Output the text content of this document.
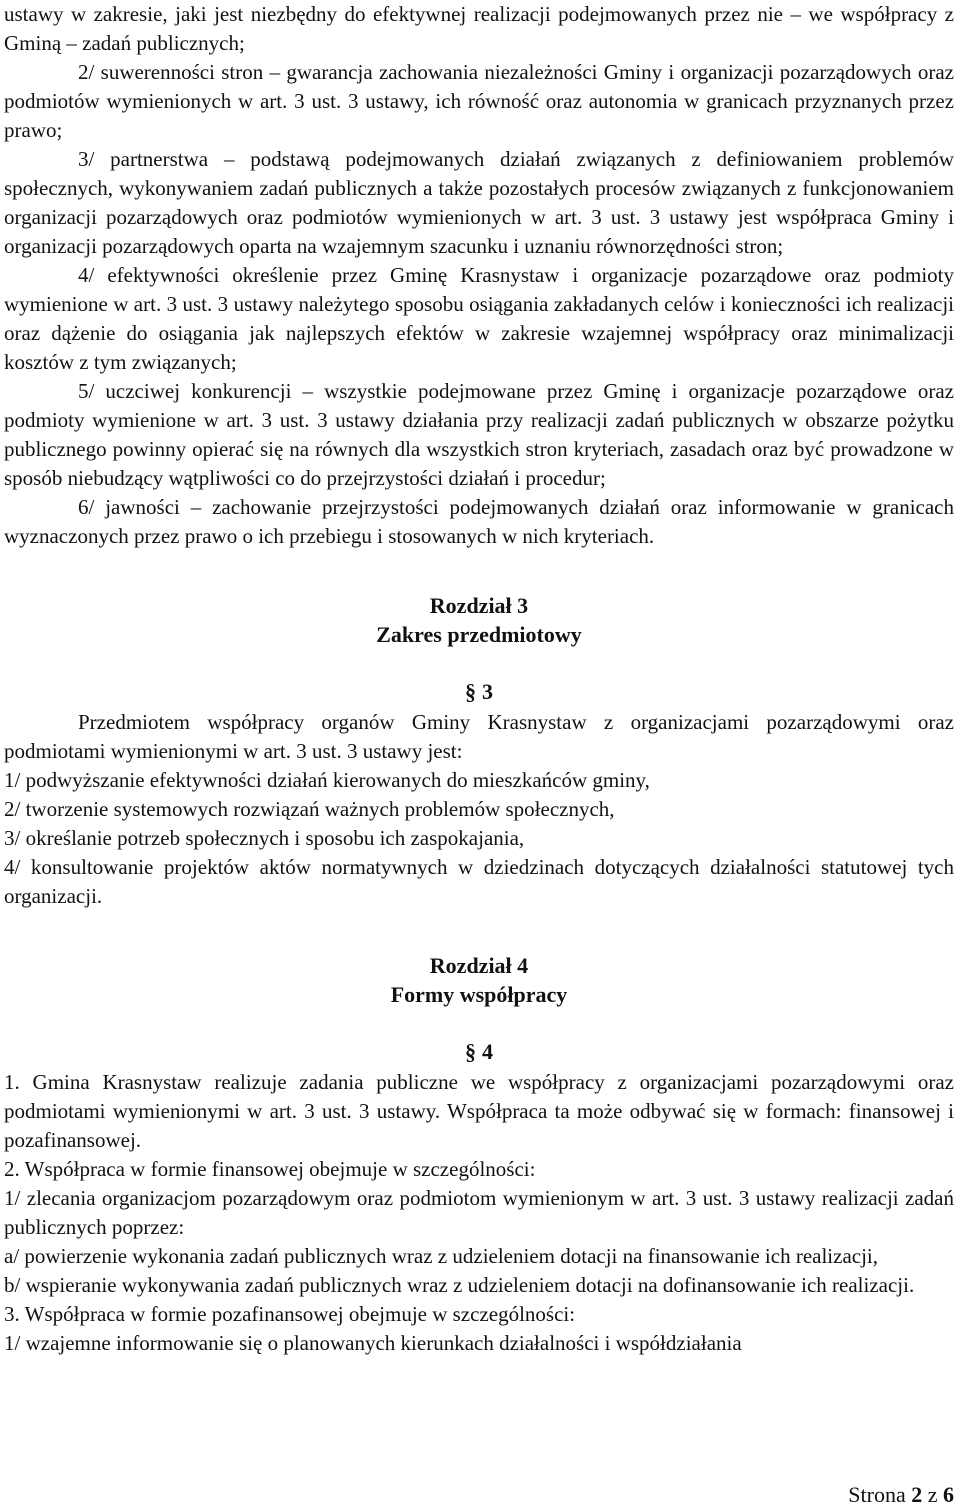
ustawy w zakresie, jaki jest niezbędny do efektywnej realizacji podejmowanych przez nie – we współpracy z Gminą – zadań publicznych;

2/ suwerenności stron – gwarancja zachowania niezależności Gminy i organizacji pozarządowych oraz podmiotów wymienionych w art. 3 ust. 3 ustawy, ich równość oraz autonomia w granicach przyznanych przez prawo;

3/ partnerstwa – podstawą podejmowanych działań związanych z definiowaniem problemów społecznych, wykonywaniem zadań publicznych a także pozostałych procesów związanych z funkcjonowaniem organizacji pozarządowych oraz podmiotów wymienionych w art. 3 ust. 3 ustawy jest współpraca Gminy i organizacji pozarządowych oparta na wzajemnym szacunku i uznaniu równorzędności stron;

4/ efektywności określenie przez Gminę Krasnystaw i organizacje pozarządowe oraz podmioty wymienione w art. 3 ust. 3 ustawy należytego sposobu osiągania zakładanych celów i konieczności ich realizacji oraz dążenie do osiągania jak najlepszych efektów w zakresie wzajemnej współpracy oraz minimalizacji kosztów z tym związanych;

5/ uczciwej konkurencji – wszystkie podejmowane przez Gminę i organizacje pozarządowe oraz podmioty wymienione w art. 3 ust. 3 ustawy działania przy realizacji zadań publicznych w obszarze pożytku publicznego powinny opierać się na równych dla wszystkich stron kryteriach, zasadach oraz być prowadzone w sposób niebudzący wątpliwości co do przejrzystości działań i procedur;

6/ jawności – zachowanie przejrzystości podejmowanych działań oraz informowanie w granicach wyznaczonych przez prawo o ich przebiegu i stosowanych w nich kryteriach.

Rozdział 3

Zakres przedmiotowy

§ 3

Przedmiotem współpracy organów Gminy Krasnystaw z organizacjami pozarządowymi oraz podmiotami wymienionymi w art. 3 ust. 3 ustawy jest:

1/ podwyższanie efektywności działań kierowanych do mieszkańców gminy,

2/ tworzenie systemowych rozwiązań ważnych problemów społecznych,

3/ określanie potrzeb społecznych i sposobu ich zaspokajania,

4/ konsultowanie projektów aktów normatywnych w dziedzinach dotyczących działalności statutowej tych organizacji.

Rozdział 4

Formy współpracy

§ 4

1. Gmina Krasnystaw realizuje zadania publiczne we współpracy z organizacjami pozarządowymi oraz podmiotami wymienionymi w art. 3 ust. 3 ustawy. Współpraca ta może odbywać się w formach: finansowej i pozafinansowej.

2. Współpraca w formie finansowej obejmuje w szczególności:

1/ zlecania organizacjom pozarządowym oraz podmiotom wymienionym w art. 3 ust. 3 ustawy realizacji zadań publicznych poprzez:

a/ powierzenie wykonania zadań publicznych wraz z udzieleniem dotacji na finansowanie ich realizacji,

b/ wspieranie wykonywania zadań publicznych wraz z udzieleniem dotacji na dofinansowanie ich realizacji.

3. Współpraca w formie pozafinansowej obejmuje w szczególności:

1/ wzajemne informowanie się o planowanych kierunkach działalności i współdziałania

Strona 2 z 6
